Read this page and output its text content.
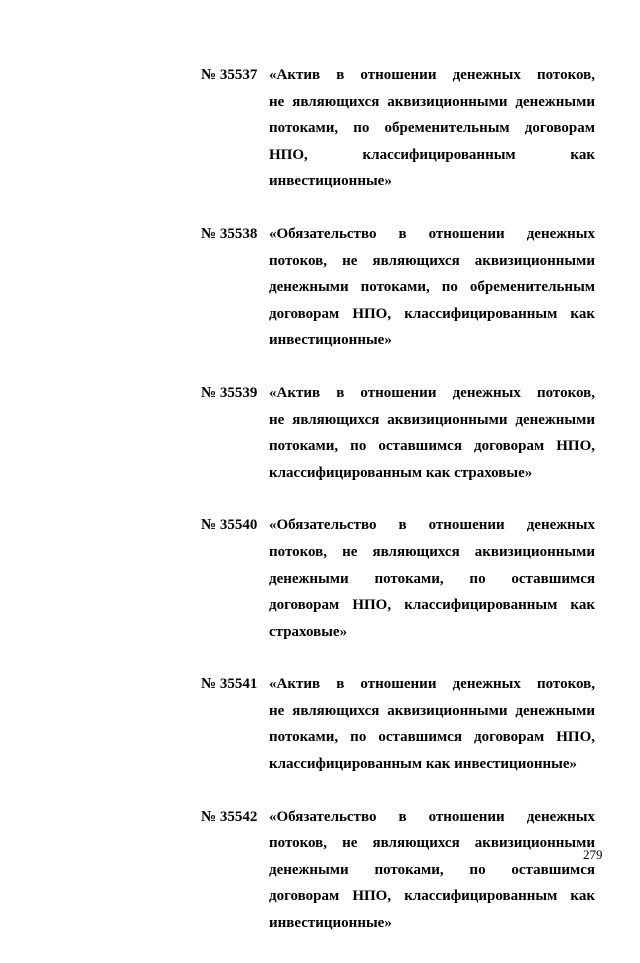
№ 35537 «Актив в отношении денежных потоков,
не являющихся аквизиционными денежными
потоками, по обременительным договорам
НПО, классифицированным как
инвестиционные»
№ 35538 «Обязательство в отношении денежных
потоков, не являющихся аквизиционными
денежными потоками, по обременительным
договорам НПО, классифицированным как
инвестиционные»
№ 35539 «Актив в отношении денежных потоков,
не являющихся аквизиционными денежными
потоками, по оставшимся договорам НПО,
классифицированным как страховые»
№ 35540 «Обязательство в отношении денежных
потоков, не являющихся аквизиционными
денежными потоками, по оставшимся
договорам НПО, классифицированным как
страховые»
№ 35541 «Актив в отношении денежных потоков,
не являющихся аквизиционными денежными
потоками, по оставшимся договорам НПО,
классифицированным как инвестиционные»
№ 35542 «Обязательство в отношении денежных
потоков, не являющихся аквизиционными
денежными потоками, по оставшимся
договорам НПО, классифицированным как
инвестиционные»
279
